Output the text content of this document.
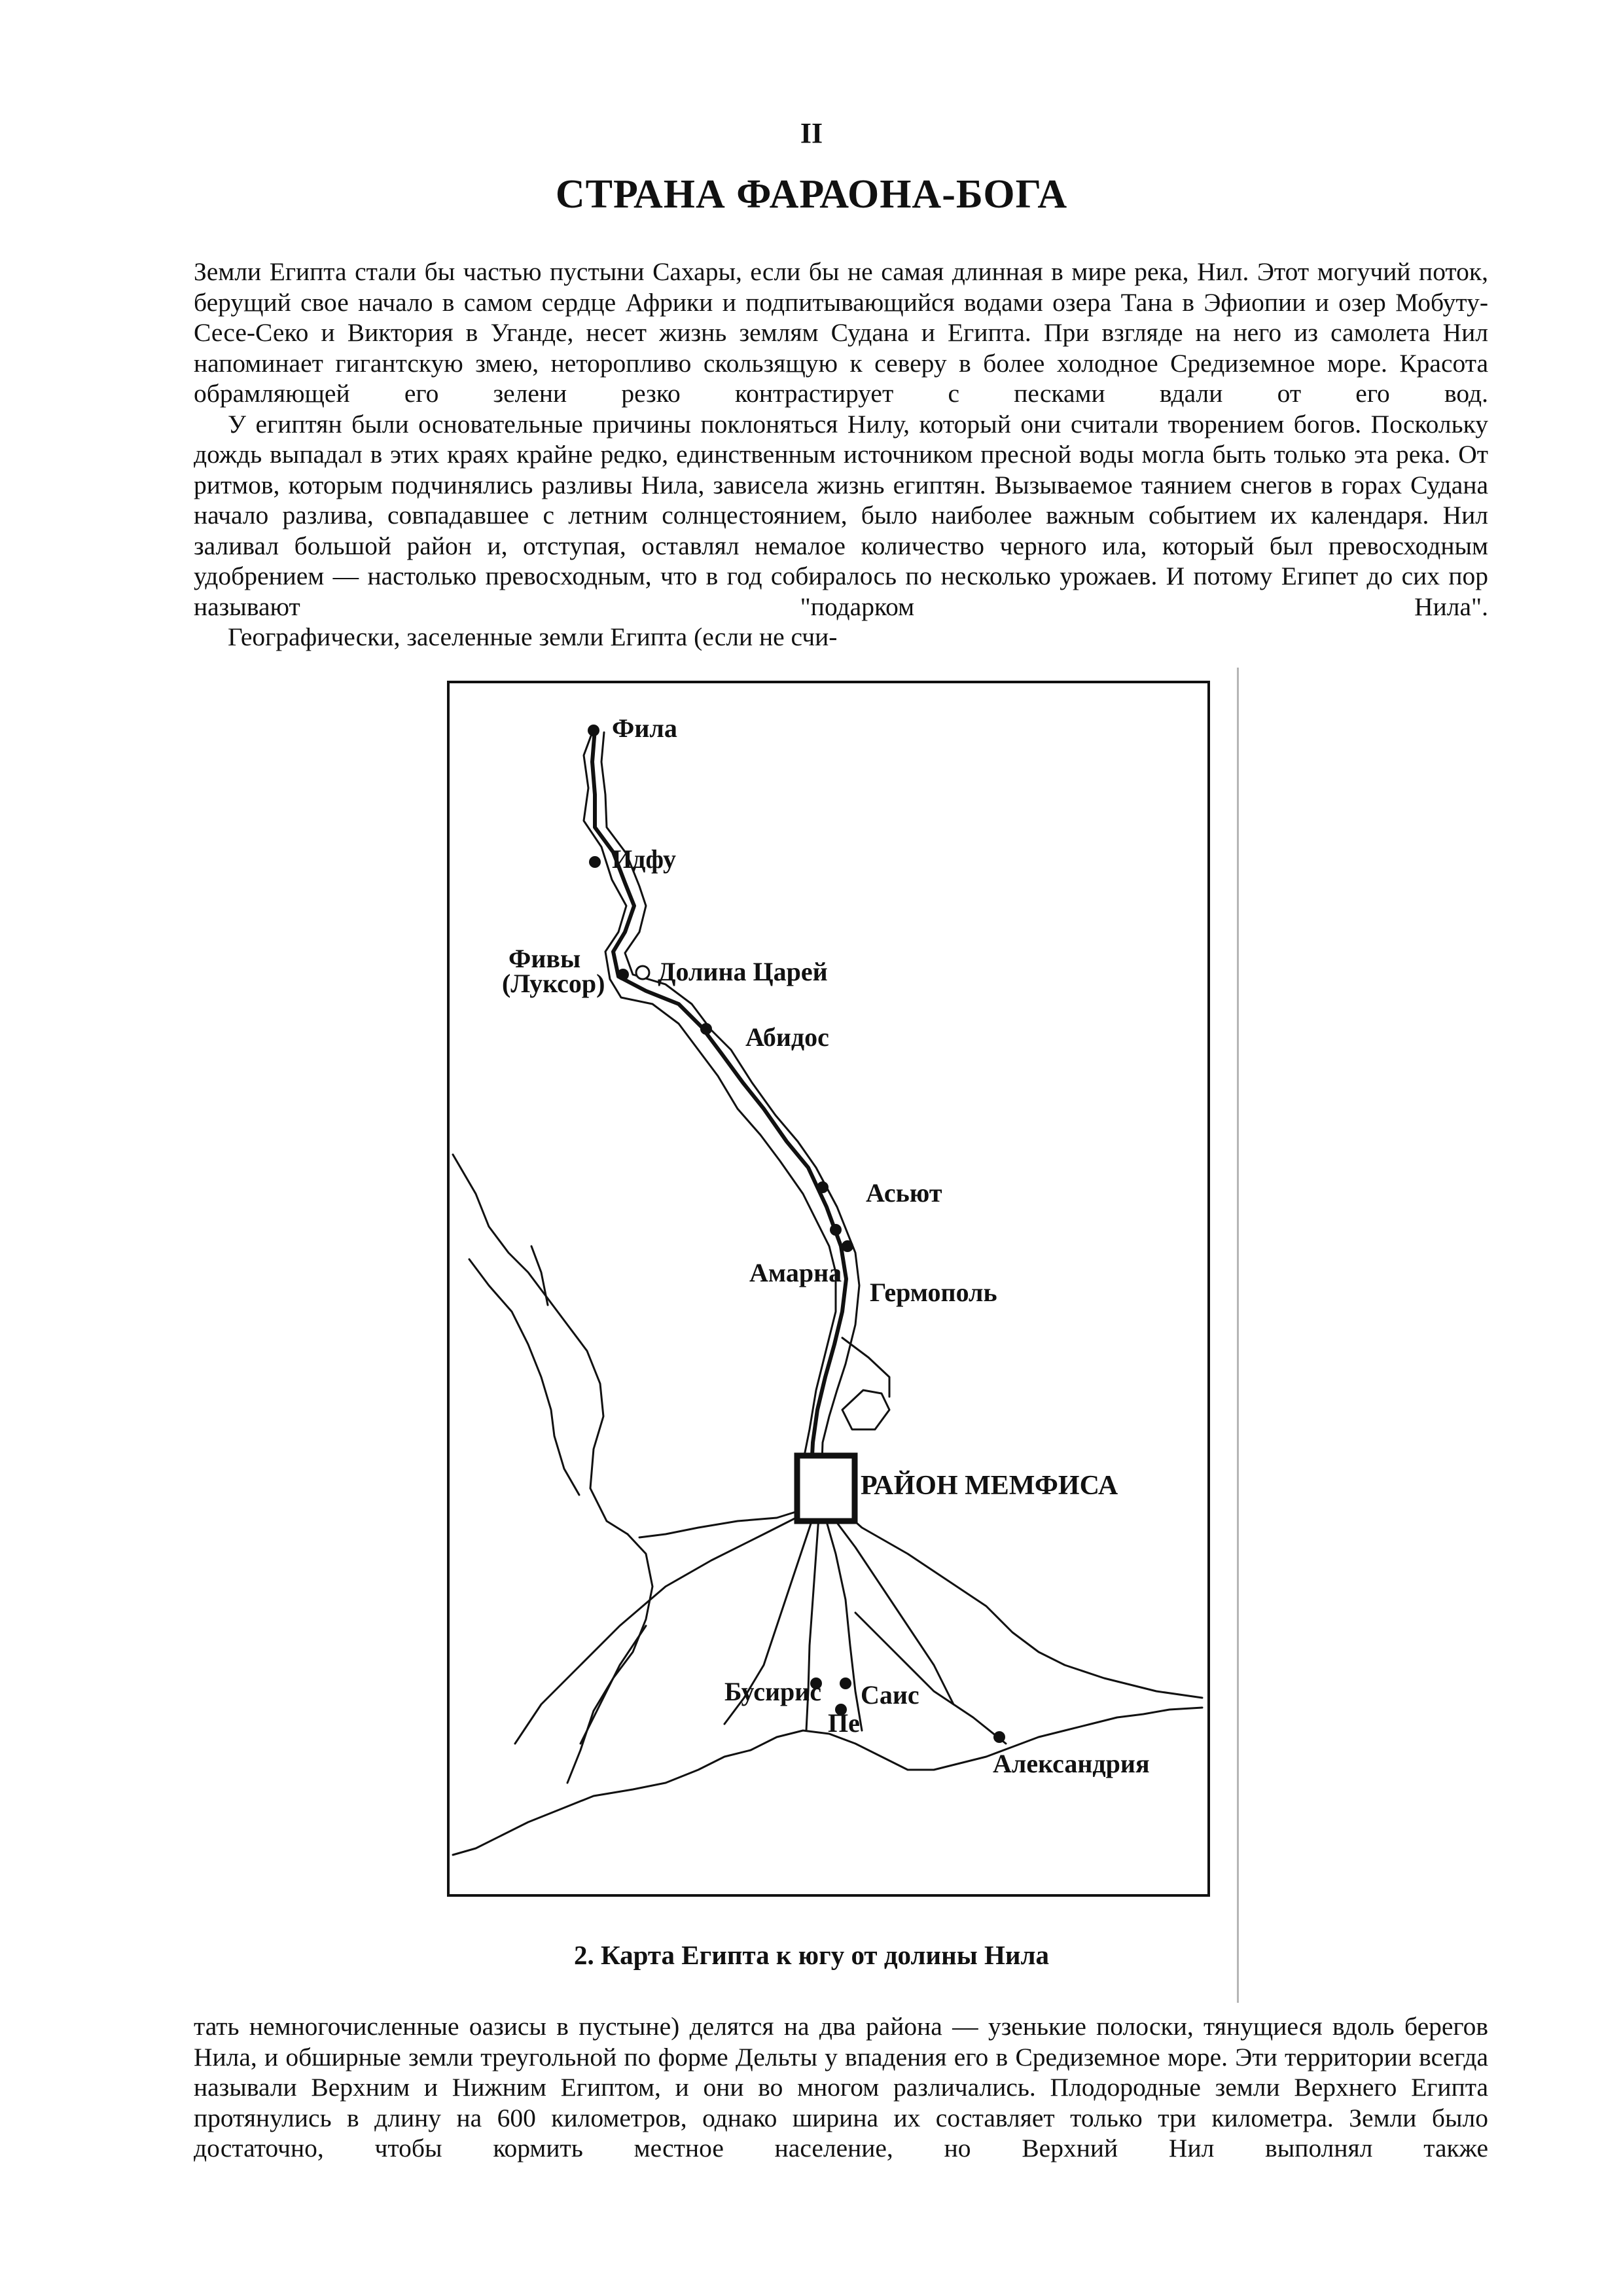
II
СТРАНА ФАРАОНА-БОГА

Земли Египта стали бы частью пустыни Сахары, если бы не самая длинная в мире река, Нил. Этот могучий поток, берущий свое начало в самом сердце Африки и подпитывающийся водами озера Тана в Эфиопии и озер Мобуту-Сесе-Секо и Виктория в Уганде, несет жизнь землям Судана и Египта. При взгляде на него из самолета Нил напоминает гигантскую змею, неторопливо скользящую к северу в более холодное Средиземное море. Красота обрамляющей его зелени резко контрастирует с песками вдали от его вод.

У египтян были основательные причины поклоняться Нилу, который они считали творением богов. Поскольку дождь выпадал в этих краях крайне редко, единственным источником пресной воды могла быть только эта река. От ритмов, которым подчинялись разливы Нила, зависела жизнь египтян. Вызываемое таянием снегов в горах Судана начало разлива, совпадавшее с летним солнцестоянием, было наиболее важным событием их календаря. Нил заливал большой район и, отступая, оставлял немалое количество черного ила, который был превосходным удобрением — настолько превосходным, что в год собиралось по несколько урожаев. И потому Египет до сих пор называют "подарком Нила".

Географически, заселенные земли Египта (если не счи-

Фила
Идфу
Фивы
(Луксор) Долина Царей
Абидос
Асьют
Амарна
Гермополь
РАЙОН МЕМФИСА
Бусирис Саис
Пе
Александрия
2. Карта Египта к югу от долины Нила

тать немногочисленные оазисы в пустыне) делятся на два района — узенькие полоски, тянущиеся вдоль берегов Нила, и обширные земли треугольной по форме Дельты у впадения его в Средиземное море. Эти территории всегда называли Верхним и Нижним Египтом, и они во многом различались. Плодородные земли Верхнего Египта протянулись в длину на 600 километров, однако ширина их составляет только три километра. Земли было достаточно, чтобы кормить местное население, но Верхний Нил выполнял также
